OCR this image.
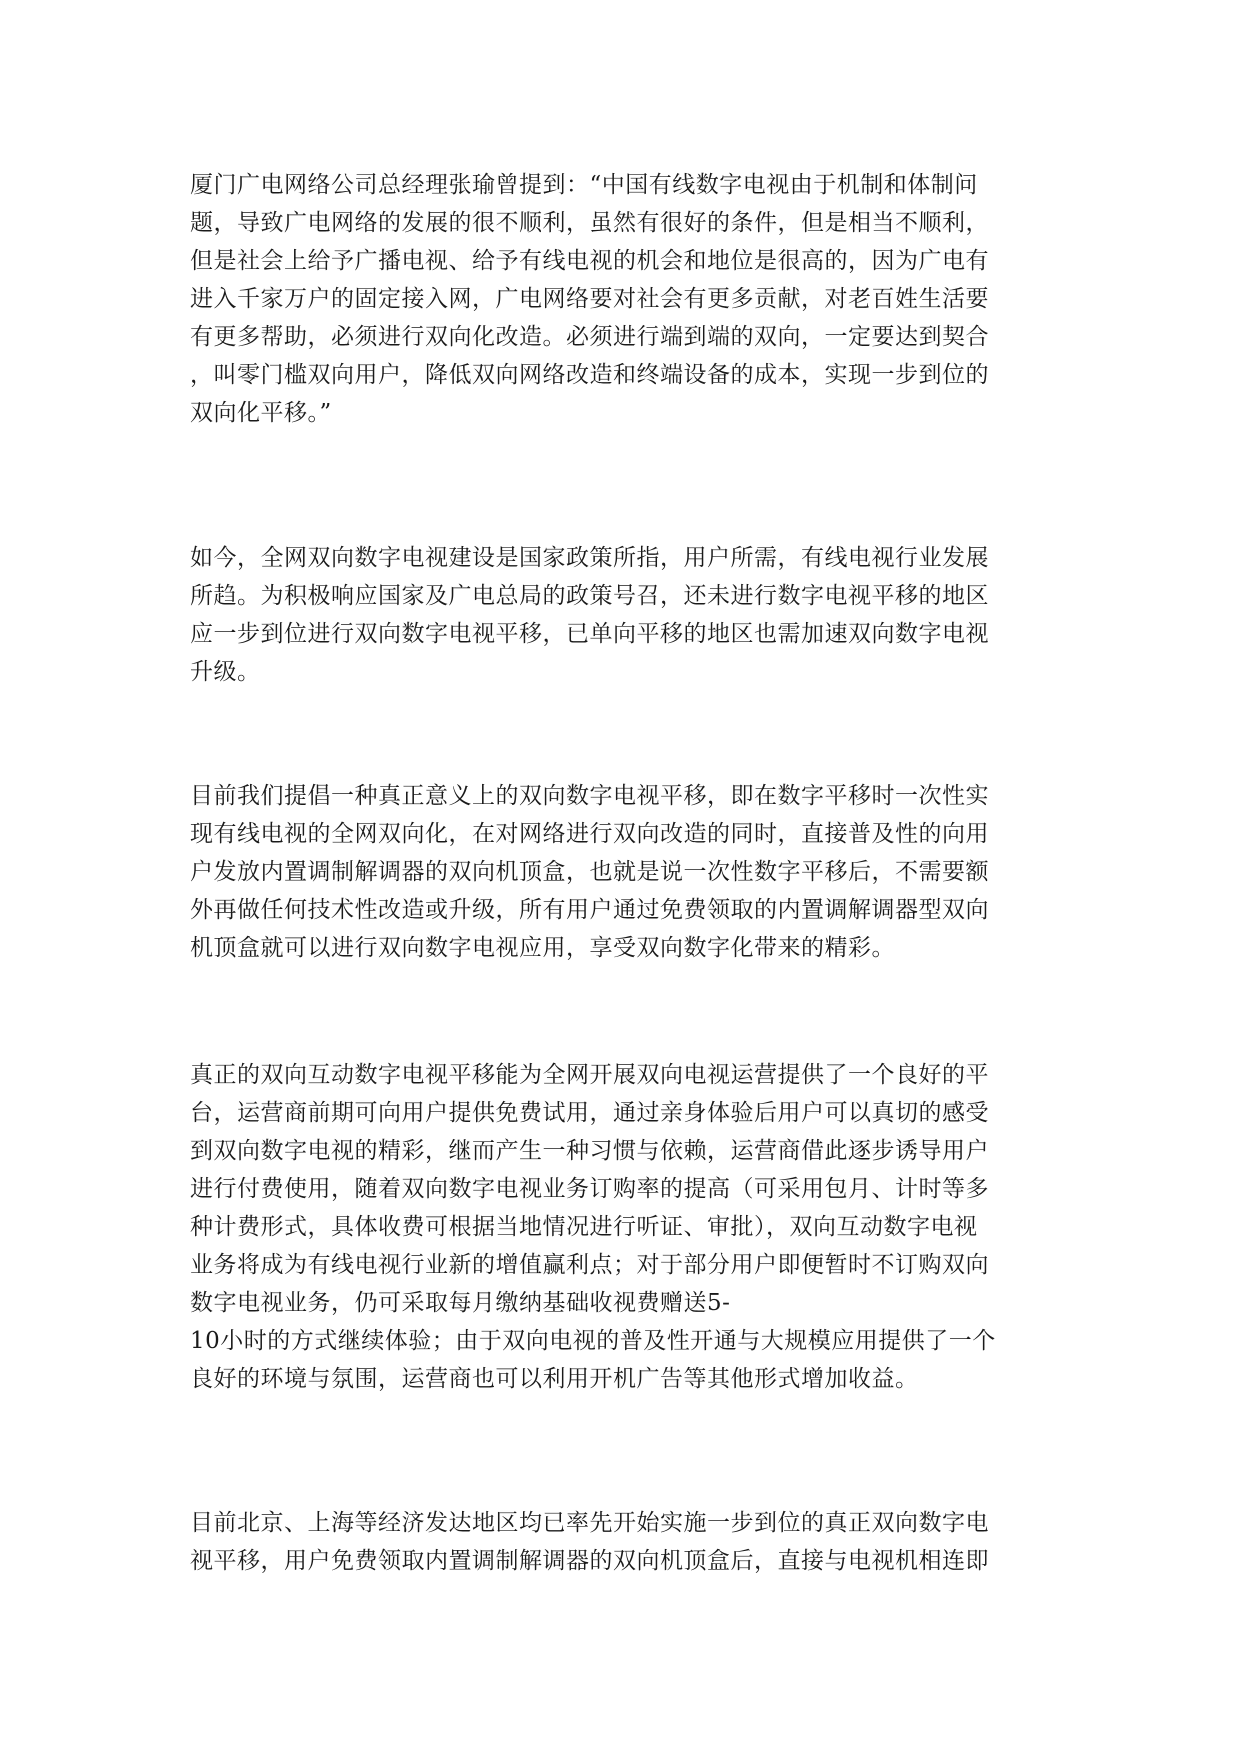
厦门广电网络公司总经理张瑜曾提到：“中国有线数字电视由于机制和体制问
题，导致广电网络的发展的很不顺利，虽然有很好的条件，但是相当不顺利，
但是社会上给予广播电视、给予有线电视的机会和地位是很高的，因为广电有
进入千家万户的固定接入网，广电网络要对社会有更多贡献，对老百姓生活要
有更多帮助，必须进行双向化改造。必须进行端到端的双向，一定要达到契合
，叫零门槛双向用户，降低双向网络改造和终端设备的成本，实现一步到位的
双向化平移。”
如今，全网双向数字电视建设是国家政策所指，用户所需，有线电视行业发展
所趋。为积极响应国家及广电总局的政策号召，还未进行数字电视平移的地区
应一步到位进行双向数字电视平移，已单向平移的地区也需加速双向数字电视
升级。
目前我们提倡一种真正意义上的双向数字电视平移，即在数字平移时一次性实
现有线电视的全网双向化，在对网络进行双向改造的同时，直接普及性的向用
户发放内置调制解调器的双向机顶盒，也就是说一次性数字平移后，不需要额
外再做任何技术性改造或升级，所有用户通过免费领取的内置调解调器型双向
机顶盒就可以进行双向数字电视应用，享受双向数字化带来的精彩。
真正的双向互动数字电视平移能为全网开展双向电视运营提供了一个良好的平
台，运营商前期可向用户提供免费试用，通过亲身体验后用户可以真切的感受
到双向数字电视的精彩，继而产生一种习惯与依赖，运营商借此逐步诱导用户
进行付费使用，随着双向数字电视业务订购率的提高（可采用包月、计时等多
种计费形式，具体收费可根据当地情况进行听证、审批），双向互动数字电视
业务将成为有线电视行业新的增值赢利点；对于部分用户即便暂时不订购双向
数字电视业务，仍可采取每月缴纳基础收视费赠送5-
10小时的方式继续体验；由于双向电视的普及性开通与大规模应用提供了一个
良好的环境与氛围，运营商也可以利用开机广告等其他形式增加收益。
目前北京、上海等经济发达地区均已率先开始实施一步到位的真正双向数字电
视平移，用户免费领取内置调制解调器的双向机顶盒后，直接与电视机相连即
